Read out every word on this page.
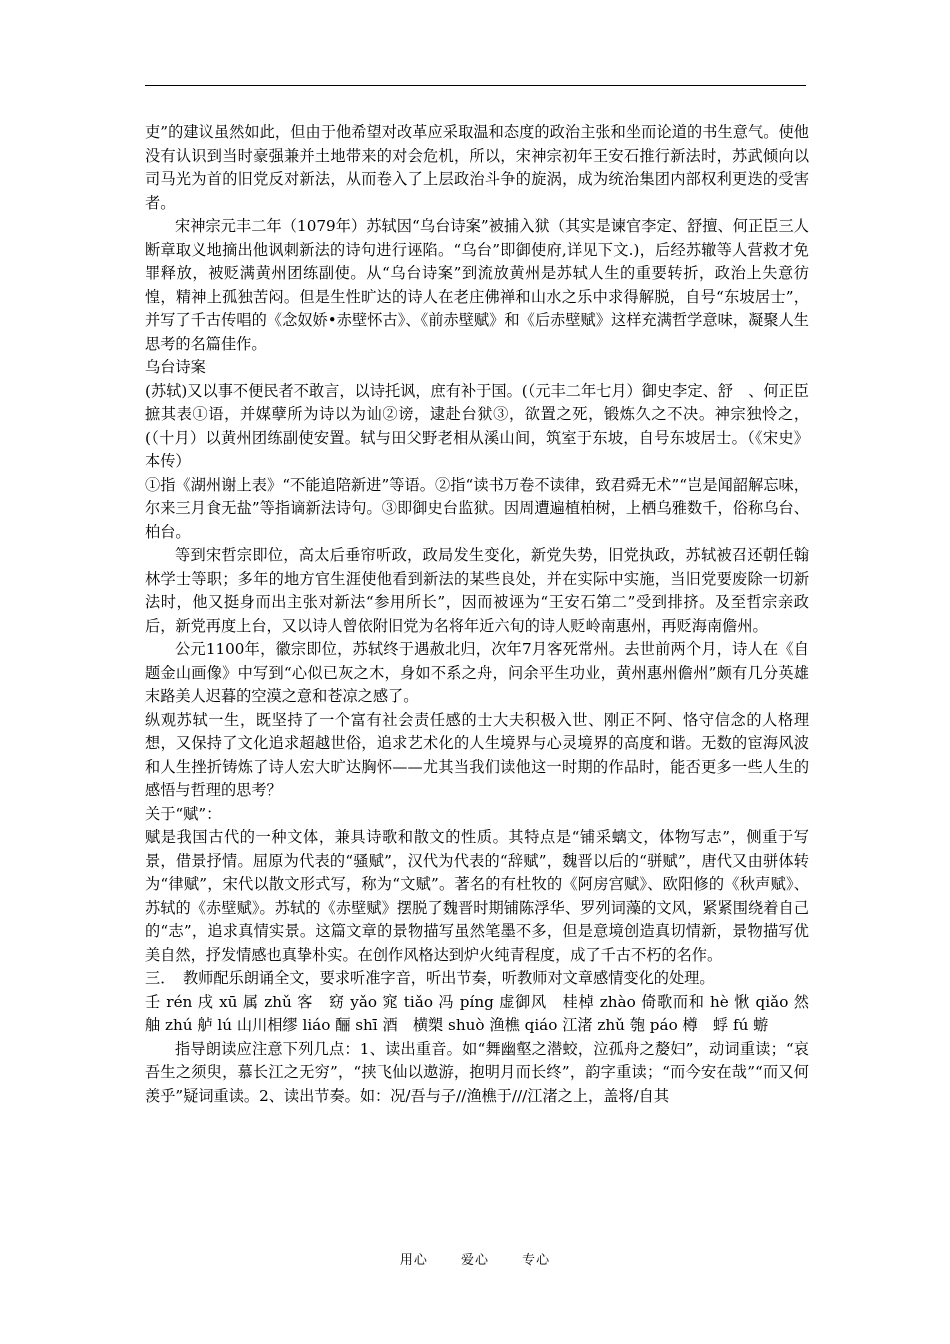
吏”的建议虽然如此，但由于他希望对改革应采取温和态度的政治主张和坐而论道的书生意气。使他没有认识到当时豪强兼并土地带来的对会危机，所以，宋神宗初年王安石推行新法时，苏武倾向以司马光为首的旧党反对新法，从而卷入了上层政治斗争的旋涡，成为统治集团内部权利更迭的受害者。

宋神宗元丰二年（1079年）苏轼因“乌台诗案”被捕入狱（其实是谏官李定、舒擅、何正臣三人断章取义地摘出他讽刺新法的诗句进行诬陷。“乌台”即御使府,详见下文.)，后经苏辙等人营救才免罪释放，被贬满黄州团练副使。从“乌台诗案”到流放黄州是苏轼人生的重要转折，政治上失意彷惶，精神上孤独苦闷。但是生性旷达的诗人在老庄佛禅和山水之乐中求得解脱，自号“东坡居士”，并写了千古传唱的《念奴娇•赤壁怀古》、《前赤壁赋》和《后赤壁赋》这样充满哲学意味，凝聚人生思考的名篇佳作。

乌台诗案

(苏轼)又以事不便民者不敢言，以诗托讽，庶有补于国。(（元丰二年七月）御史李定、舒　、何正臣摭其表①语，并媒孽所为诗以为讪②谤，逮赴台狱③，欲置之死，锻炼久之不决。神宗独怜之，(（十月）以黄州团练副使安置。轼与田父野老相从溪山间，筑室于东坡，自号东坡居士。（《宋史》本传）

①指《湖州谢上表》“不能追陪新进”等语。②指“读书万卷不读律，致君舜无术”“岂是闻韶解忘味，尔来三月食无盐”等指谪新法诗句。③即御史台监狱。因周遭遍植柏树，上栖乌雅数千，俗称乌台、柏台。

等到宋哲宗即位，高太后垂帘听政，政局发生变化，新党失势，旧党执政，苏轼被召还朝任翰林学士等职；多年的地方官生涯使他看到新法的某些良处，并在实际中实施，当旧党要废除一切新法时，他又挺身而出主张对新法“参用所长”，因而被诬为“王安石第二”受到排挤。及至哲宗亲政后，新党再度上台，又以诗人曾依附旧党为名将年近六旬的诗人贬岭南惠州，再贬海南儋州。

公元1100年，徽宗即位，苏轼终于遇赦北归，次年7月客死常州。去世前两个月，诗人在《自题金山画像》中写到“心似已灰之木，身如不系之舟，问余平生功业，黄州惠州儋州”颇有几分英雄末路美人迟暮的空漠之意和苍凉之感了。

纵观苏轼一生，既坚持了一个富有社会责任感的士大夫积极入世、刚正不阿、恪守信念的人格理想，又保持了文化追求超越世俗，追求艺术化的人生境界与心灵境界的高度和谐。无数的宦海风波和人生挫折铸炼了诗人宏大旷达胸怀——尤其当我们读他这一时期的作品时，能否更多一些人生的感悟与哲理的思考？

关于“赋”：

赋是我国古代的一种文体，兼具诗歌和散文的性质。其特点是“铺采螭文，体物写志”，侧重于写景，借景抒情。屈原为代表的“骚赋”，汉代为代表的“辞赋”，魏晋以后的“骈赋”，唐代又由骈体转为“律赋”，宋代以散文形式写，称为“文赋”。著名的有杜牧的《阿房宫赋》、欧阳修的《秋声赋》、苏轼的《赤壁赋》。苏轼的《赤壁赋》摆脱了魏晋时期铺陈浮华、罗列词藻的文风，紧紧围绕着自己的“志”，追求真情实景。这篇文章的景物描写虽然笔墨不多，但是意境创造真切情新，景物描写优美自然，抒发情感也真挚朴实。在创作风格达到炉火纯青程度，成了千古不朽的名作。

三．　教师配乐朗诵全文，要求听准字音，听出节奏，听教师对文章感情变化的处理。

壬 rén 戌 xū 属 zhǔ 客　窈 yǎo 窕 tiǎo 冯 píng 虚御风　桂棹 zhào 倚歌而和 hè 愀 qiǎo 然　舳 zhú 舻 lú 山川相缪 liáo 酾 shī 酒　横槊 shuò 渔樵 qiáo 江渚 zhǔ 匏 páo 樽　蜉 fú 蝣

指导朗读应注意下列几点：1、读出重音。如“舞幽壑之潜蛟，泣孤舟之嫠妇”，动词重读；“哀吾生之须臾，慕长江之无穷”，“挟飞仙以遨游，抱明月而长终”，韵字重读；“而今安在哉”“而又何羡乎”疑词重读。2、读出节奏。如：况/吾与子//渔樵于///江渚之上，盖将/自其

用心	爱心	专心
